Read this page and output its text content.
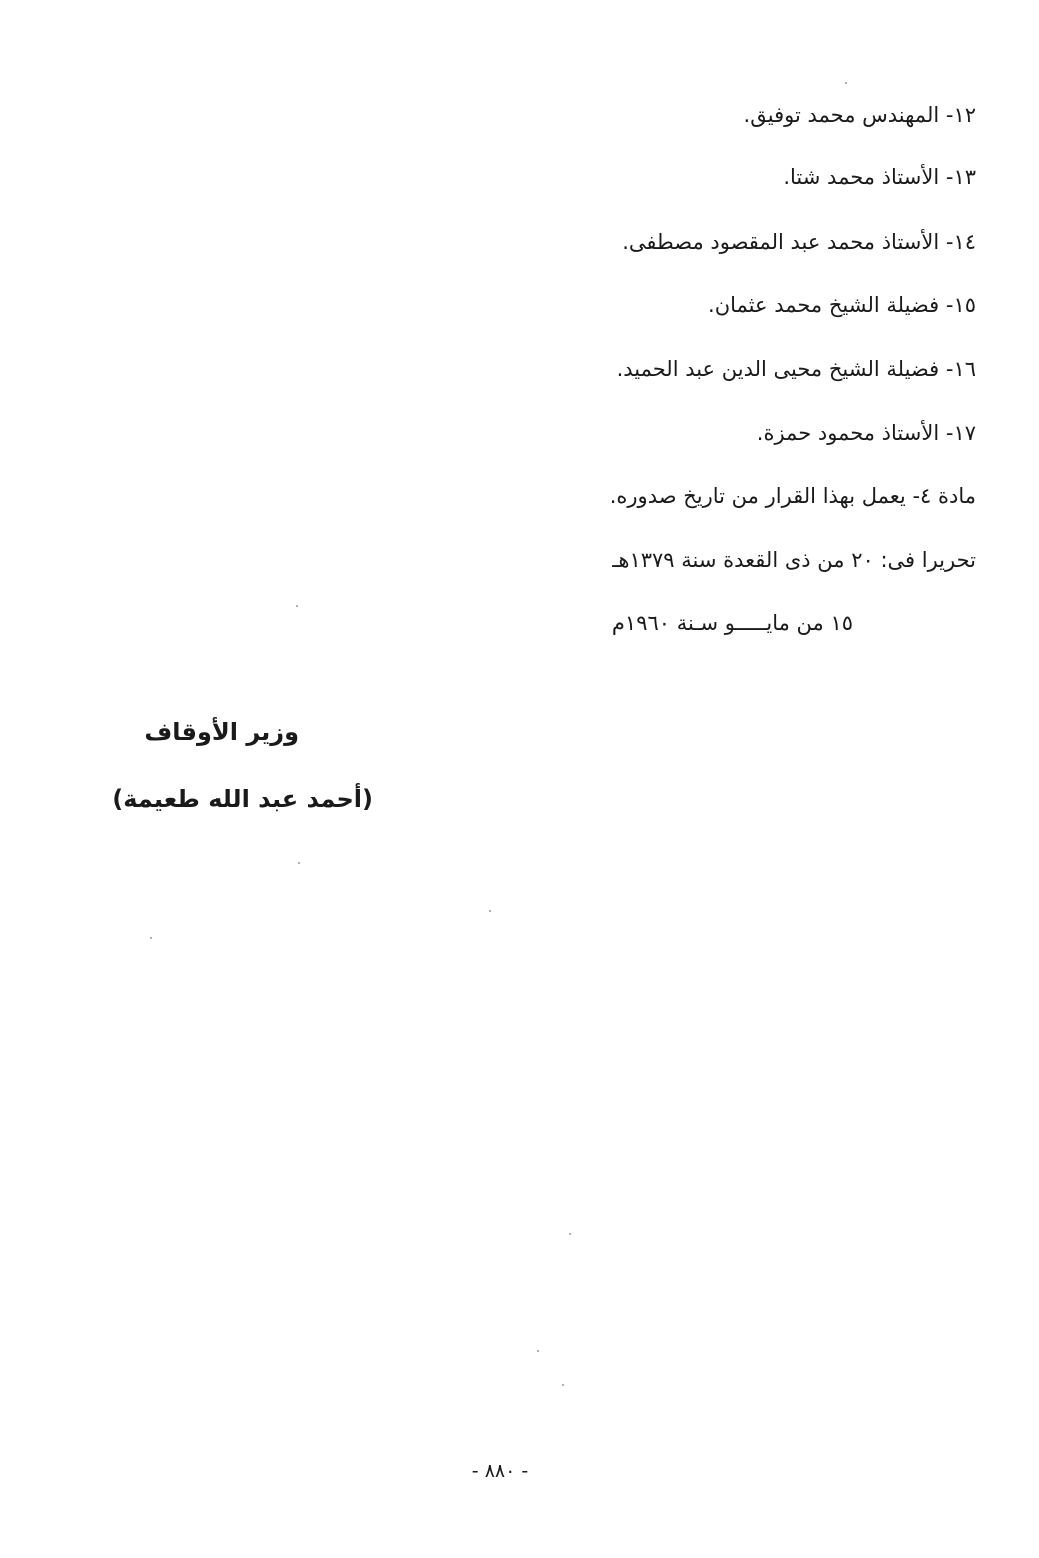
١٢- المهندس محمد توفيق.
١٣- الأستاذ محمد شتا.
١٤- الأستاذ محمد عبد المقصود مصطفى.
١٥- فضيلة الشيخ محمد عثمان.
١٦- فضيلة الشيخ محيى الدين عبد الحميد.
١٧- الأستاذ محمود حمزة.
مادة ٤- يعمل بهذا القرار من تاريخ صدوره.
تحريرا فى: ٢٠ من ذى القعدة سنة ١٣٧٩هـ
١٥ من مايـــــو سـنة ١٩٦٠م
وزير الأوقاف
(أحمد عبد الله طعيمة)
- ٨٨٠ -
